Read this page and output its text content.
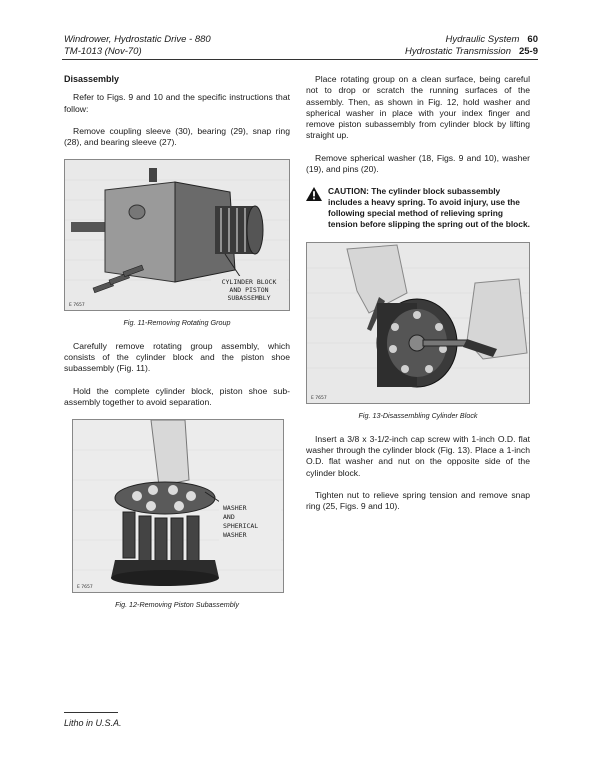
Windrower, Hydrostatic Drive - 880
TM-1013 (Nov-70)
Hydraulic System 60
Hydrostatic Transmission 25-9
Disassembly

Refer to Figs. 9 and 10 and the specific instructions that follow:

Remove coupling sleeve (30), bearing (29), snap ring (28), and bearing sleeve (27).

CYLINDER BLOCK
AND PISTON
SUBASSEMBLY
E 7657
Fig. 11-Removing Rotating Group

Carefully remove rotating group assembly, which consists of the cylinder block and the piston shoe subassembly (Fig. 11).

Hold the complete cylinder block, piston shoe sub-assembly together to avoid separation.

WASHER
AND
SPHERICAL
WASHER
E 7657
Fig. 12-Removing Piston Subassembly

Place rotating group on a clean surface, being careful not to drop or scratch the running surfaces of the assembly. Then, as shown in Fig. 12, hold washer and spherical washer in place with your index finger and remove piston subassembly from cylinder block by lifting straight up.

Remove spherical washer (18, Figs. 9 and 10), washer (19), and pins (20).

CAUTION: The cylinder block subassembly includes a heavy spring. To avoid injury, use the following special method of relieving spring tension before slipping the spring out of the block.
E 7657
Fig. 13-Disassembling Cylinder Block

Insert a 3/8 x 3-1/2-inch cap screw with 1-inch O.D. flat washer through the cylinder block (Fig. 13). Place a 1-inch O.D. flat washer and nut on the opposite side of the cylinder block.

Tighten nut to relieve spring tension and remove snap ring (25, Figs. 9 and 10).

Litho in U.S.A.
